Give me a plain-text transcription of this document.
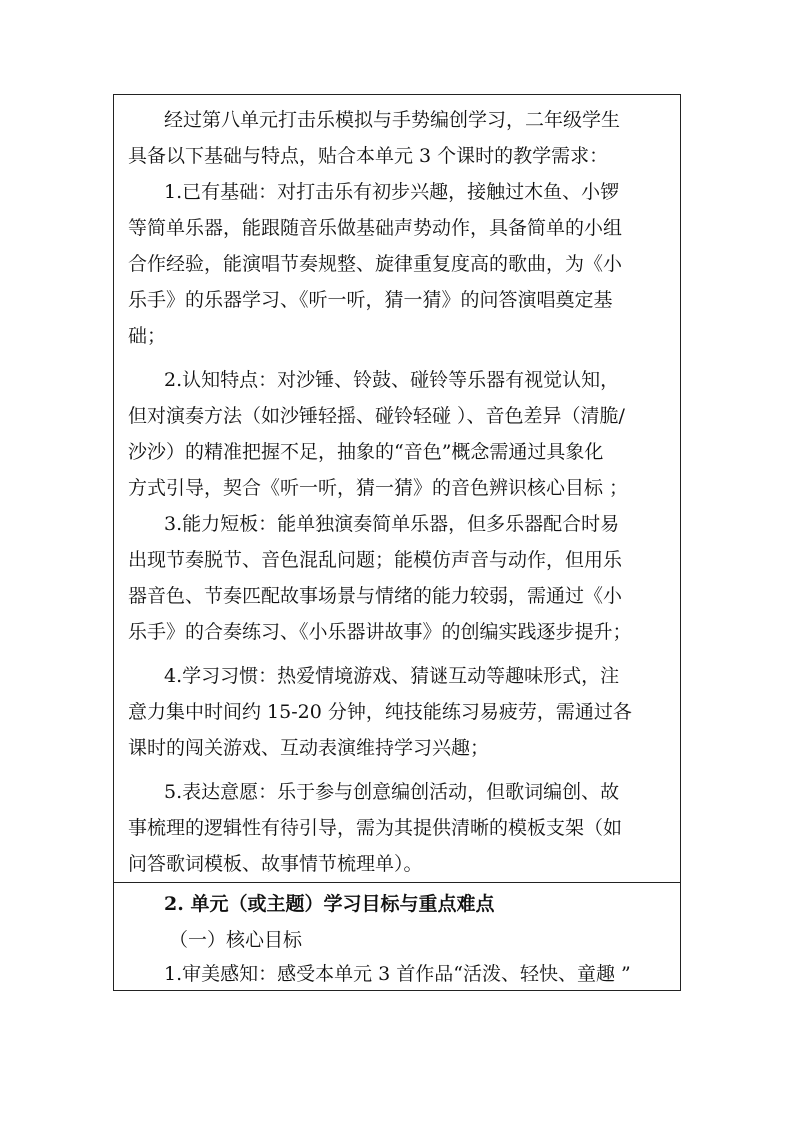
经过第八单元打击乐模拟与手势编创学习，二年级学生
具备以下基础与特点，贴合本单元 3 个课时的教学需求：
1.已有基础：对打击乐有初步兴趣，接触过木鱼、小锣
等简单乐器，能跟随音乐做基础声势动作，具备简单的小组
合作经验，能演唱节奏规整、旋律重复度高的歌曲，为《小
乐手》的乐器学习、《听一听，猜一猜》的问答演唱奠定基
础；
2.认知特点：对沙锤、铃鼓、碰铃等乐器有视觉认知，
但对演奏方法（如沙锤轻摇、碰铃轻碰 ）、音色差异（清脆/
沙沙）的精准把握不足，抽象的“音色”概念需通过具象化
方式引导，契合《听一听，猜一猜》的音色辨识核心目标 ；
3.能力短板：能单独演奏简单乐器，但多乐器配合时易
出现节奏脱节、音色混乱问题；能模仿声音与动作，但用乐
器音色、节奏匹配故事场景与情绪的能力较弱，需通过《小
乐手》的合奏练习、《小乐器讲故事》的创编实践逐步提升；
4.学习习惯：热爱情境游戏、猜谜互动等趣味形式，注
意力集中时间约 15-20 分钟，纯技能练习易疲劳，需通过各
课时的闯关游戏、互动表演维持学习兴趣；
5.表达意愿：乐于参与创意编创活动，但歌词编创、故
事梳理的逻辑性有待引导，需为其提供清晰的模板支架（如
问答歌词模板、故事情节梳理单）。
2. 单元（或主题）学习目标与重点难点
（一）核心目标
1.审美感知：感受本单元 3 首作品“活泼、轻快、童趣 ”
